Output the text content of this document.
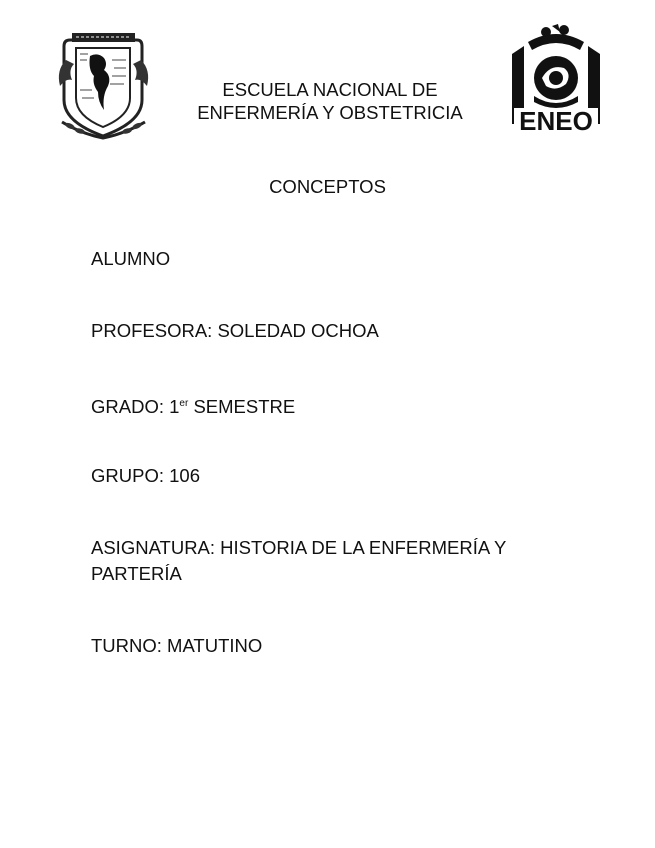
ENEO
ESCUELA NACIONAL DE
ENFERMERÍA Y OBSTETRICIA
CONCEPTOS
ALUMNO
PROFESORA: SOLEDAD OCHOA
GRADO: 1er SEMESTRE
GRUPO: 106
ASIGNATURA: HISTORIA DE LA ENFERMERÍA Y PARTERÍA
TURNO: MATUTINO
